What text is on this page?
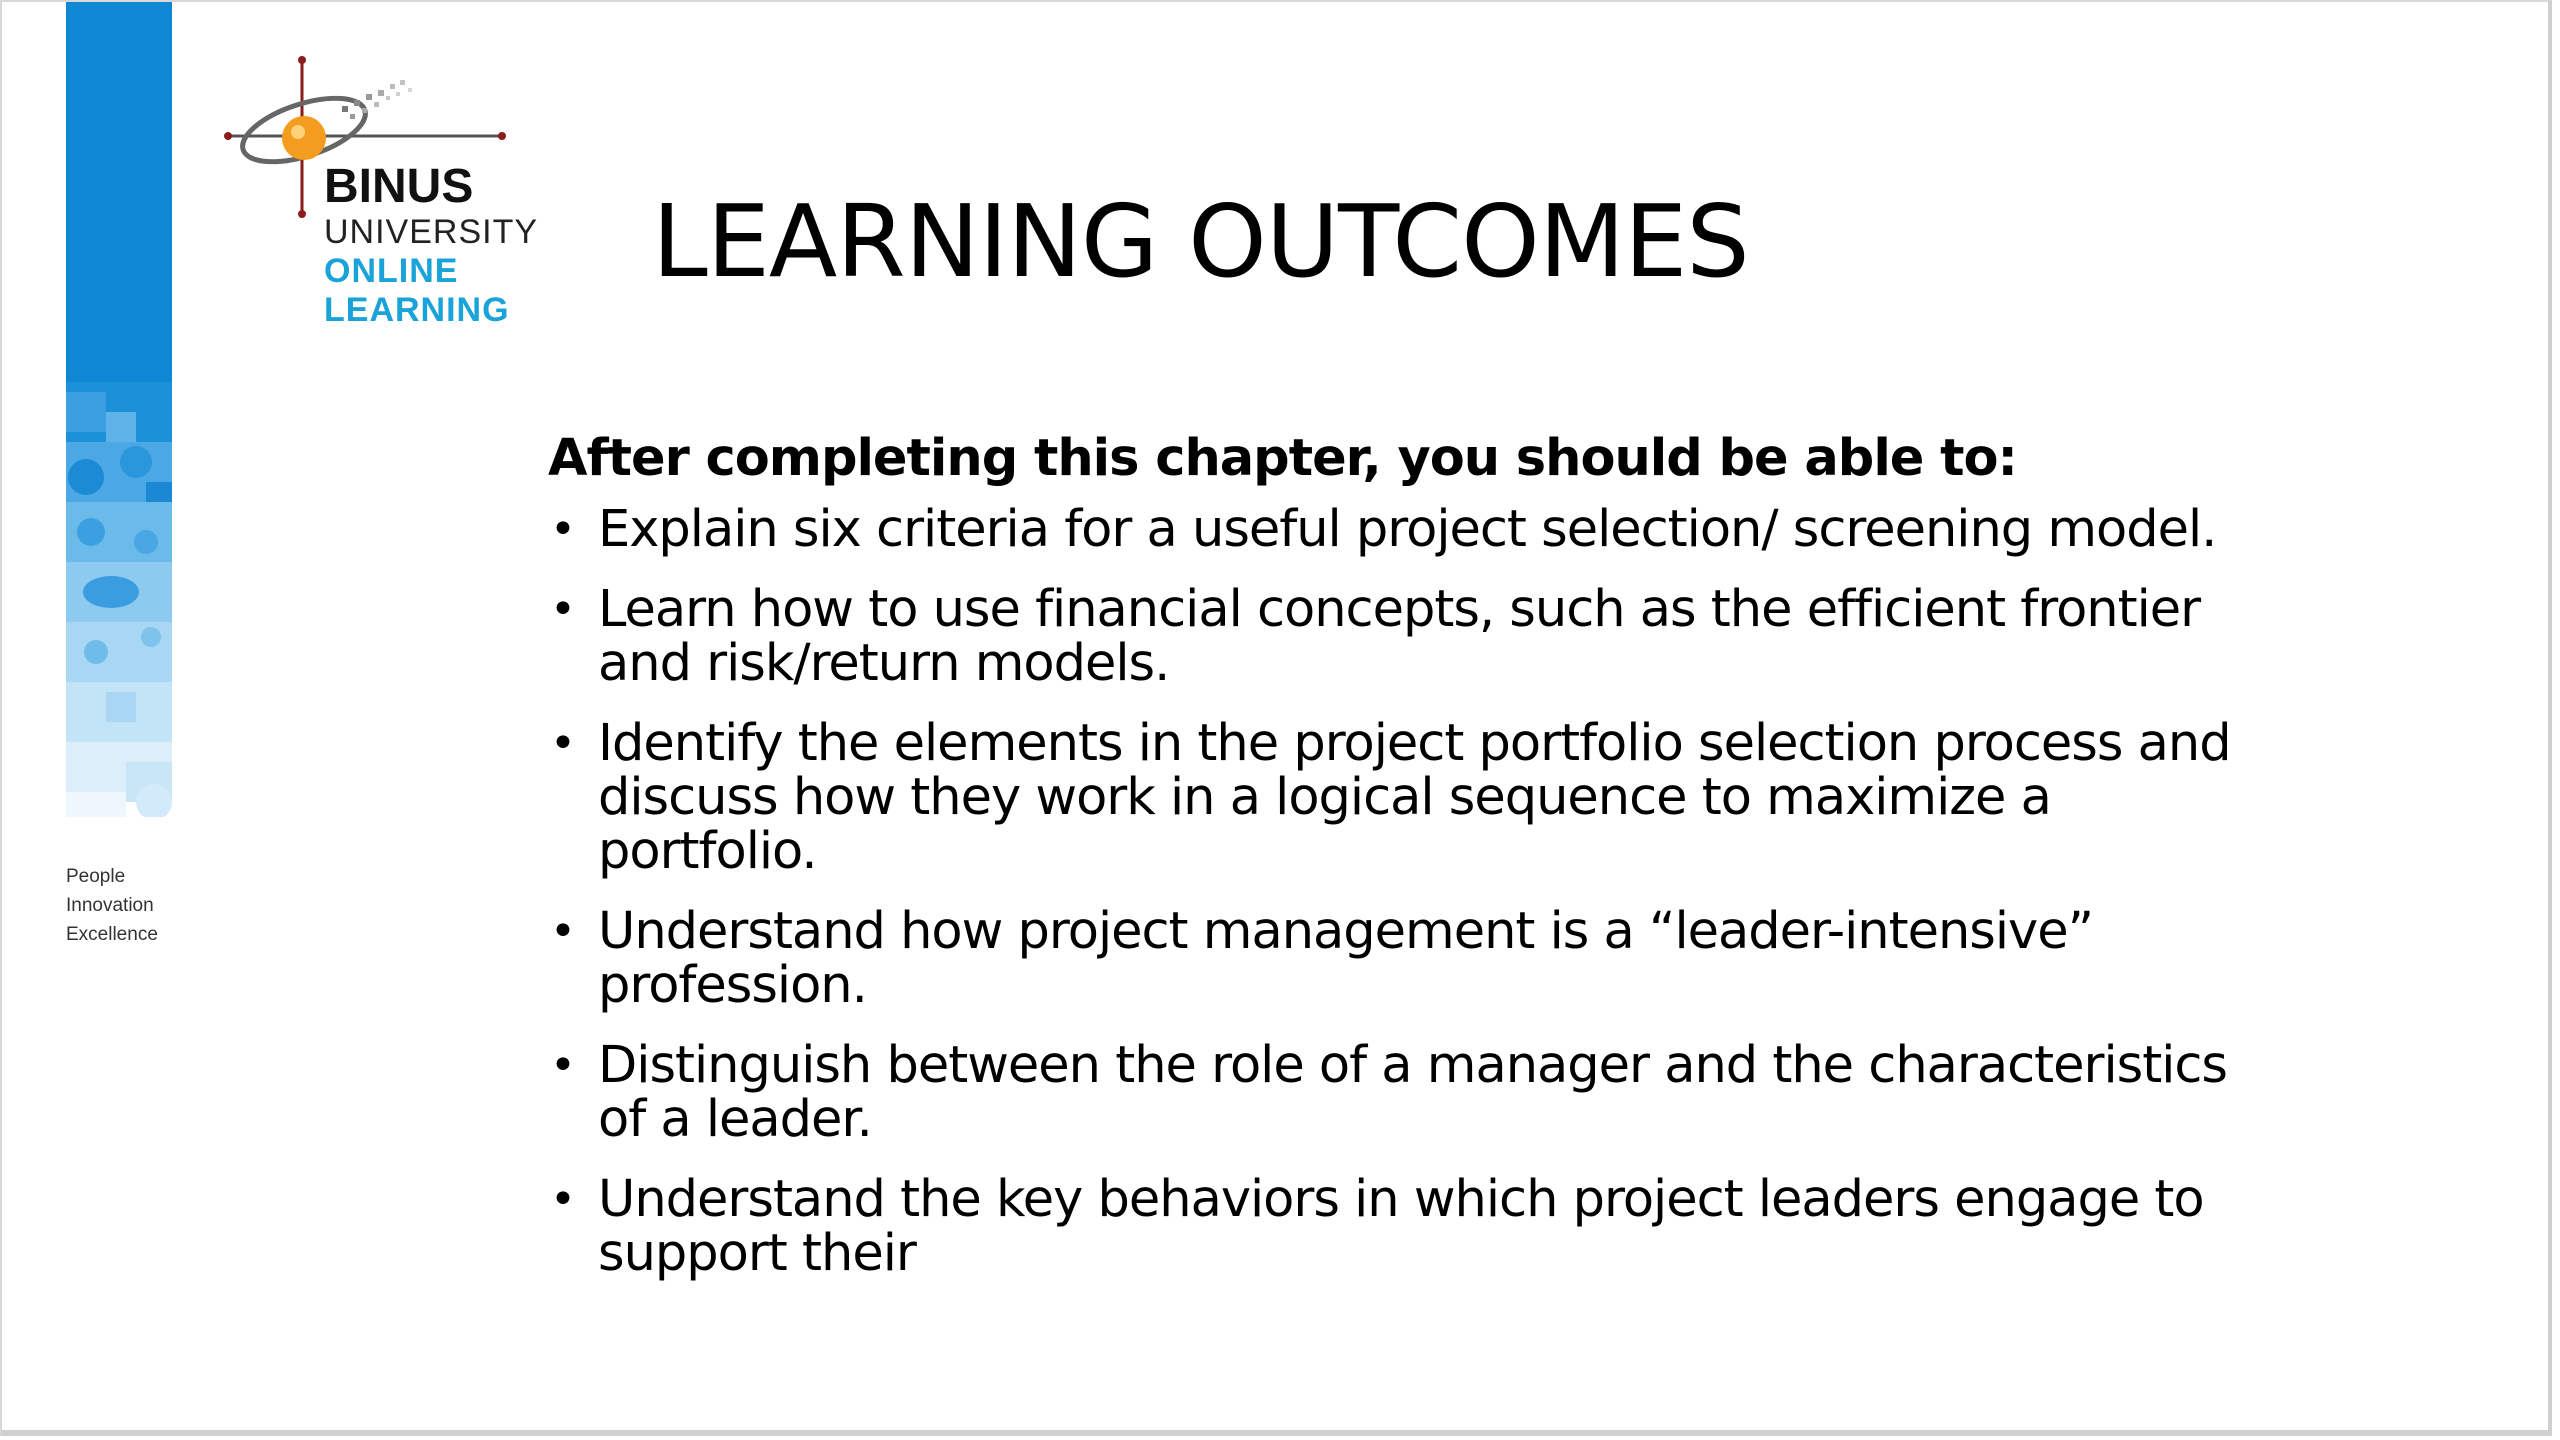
People
Innovation
Excellence
BINUS
UNIVERSITY
ONLINE
LEARNING
LEARNING OUTCOMES

After completing this chapter, you should be able to:

• Explain six criteria for a useful project selection/ screening model.
• Learn how to use financial concepts, such as the efficient frontier and risk/return models.
• Identify the elements in the project portfolio selection process and discuss how they work in a logical sequence to maximize a portfolio.
• Understand how project management is a “leader-intensive” profession.
• Distinguish between the role of a manager and the characteristics of a leader.
• Understand the key behaviors in which project leaders engage to support their
